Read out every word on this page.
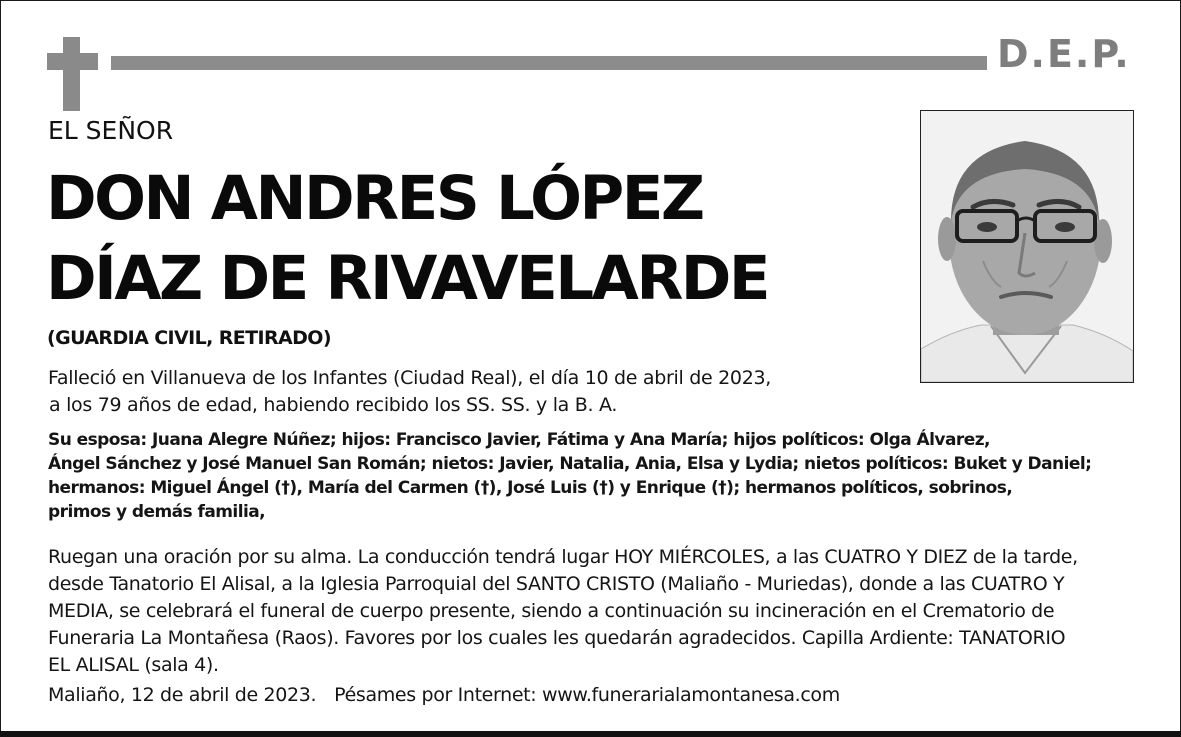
D.E.P.
EL SEÑOR
DON ANDRES LÓPEZ
DÍAZ DE RIVAVELARDE
(GUARDIA CIVIL, RETIRADO)
Falleció en Villanueva de los Infantes (Ciudad Real), el día 10 de abril de 2023,
a los 79 años de edad, habiendo recibido los SS. SS. y la B. A.
Su esposa: Juana Alegre Núñez; hijos: Francisco Javier, Fátima y Ana María; hijos políticos: Olga Álvarez,
Ángel Sánchez y José Manuel San Román; nietos: Javier, Natalia, Ania, Elsa y Lydia; nietos políticos: Buket y Daniel;
hermanos: Miguel Ángel (†), María del Carmen (†), José Luis (†) y Enrique (†); hermanos políticos, sobrinos,
primos y demás familia,
Ruegan una oración por su alma. La conducción tendrá lugar HOY MIÉRCOLES, a las CUATRO Y DIEZ de la tarde,
desde Tanatorio El Alisal, a la Iglesia Parroquial del SANTO CRISTO (Maliaño - Muriedas), donde a las CUATRO Y
MEDIA, se celebrará el funeral de cuerpo presente, siendo a continuación su incineración en el Crematorio de
Funeraria La Montañesa (Raos). Favores por los cuales les quedarán agradecidos. Capilla Ardiente: TANATORIO
EL ALISAL (sala 4).
Maliaño, 12 de abril de 2023. Pésames por Internet: www.funerarialamontanesa.com
